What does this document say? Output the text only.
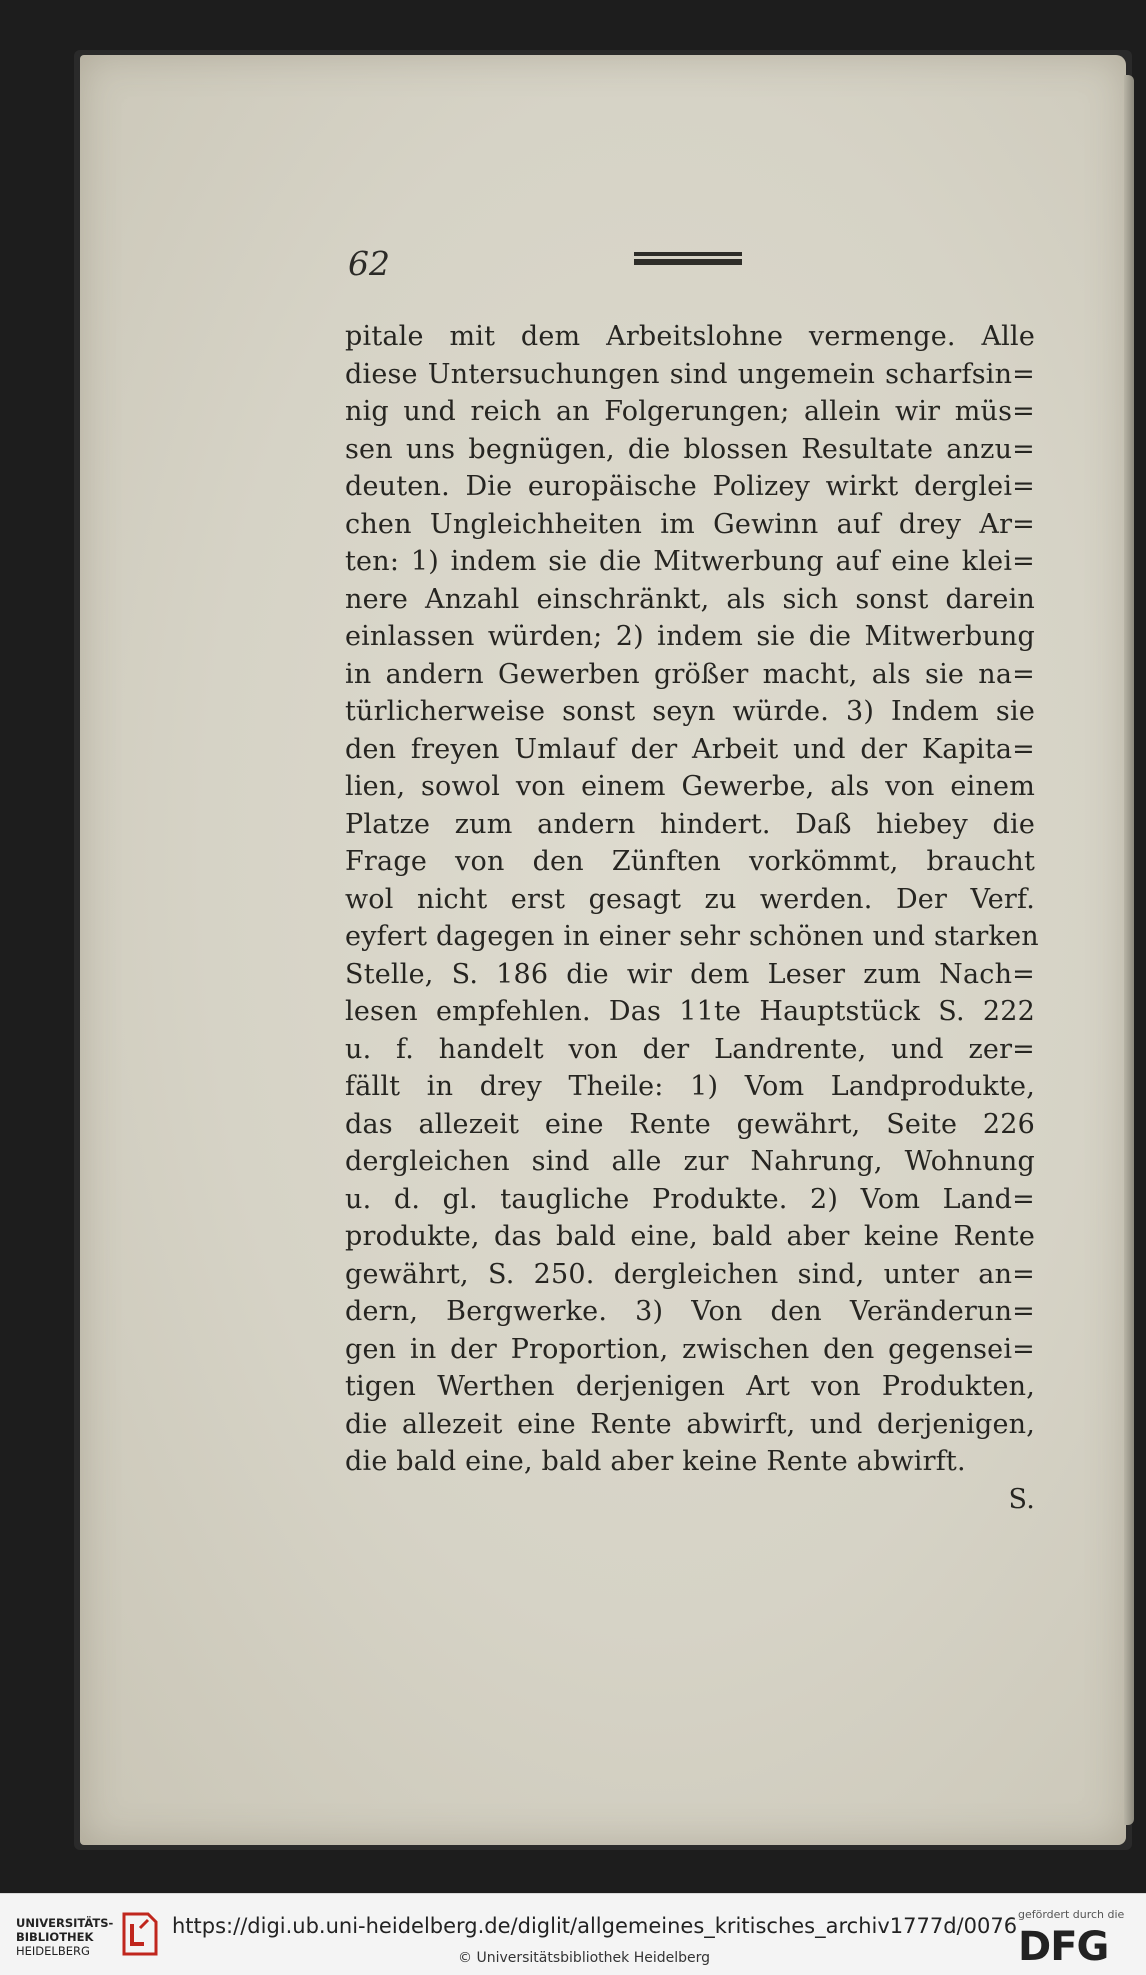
62
pitale mit dem Arbeitslohne vermenge. Alle
diese Untersuchungen sind ungemein scharfsin=
nig und reich an Folgerungen; allein wir müs=
sen uns begnügen, die blossen Resultate anzu=
deuten. Die europäische Polizey wirkt derglei=
chen Ungleichheiten im Gewinn auf drey Ar=
ten: 1) indem sie die Mitwerbung auf eine klei=
nere Anzahl einschränkt, als sich sonst darein
einlassen würden; 2) indem sie die Mitwerbung
in andern Gewerben größer macht, als sie na=
türlicherweise sonst seyn würde. 3) Indem sie
den freyen Umlauf der Arbeit und der Kapita=
lien, sowol von einem Gewerbe, als von einem
Platze zum andern hindert. Daß hiebey die
Frage von den Zünften vorkömmt, braucht
wol nicht erst gesagt zu werden. Der Verf.
eyfert dagegen in einer sehr schönen und starken
Stelle, S. 186 die wir dem Leser zum Nach=
lesen empfehlen. Das 11te Hauptstück S. 222
u. f. handelt von der Landrente, und zer=
fällt in drey Theile: 1) Vom Landprodukte,
das allezeit eine Rente gewährt, Seite 226
dergleichen sind alle zur Nahrung, Wohnung
u. d. gl. taugliche Produkte. 2) Vom Land=
produkte, das bald eine, bald aber keine Rente
gewährt, S. 250. dergleichen sind, unter an=
dern, Bergwerke. 3) Von den Veränderun=
gen in der Proportion, zwischen den gegensei=
tigen Werthen derjenigen Art von Produkten,
die allezeit eine Rente abwirft, und derjenigen,
die bald eine, bald aber keine Rente abwirft.
S.
UNIVERSITÄTS-
BIBLIOTHEK
HEIDELBERG
https://digi.ub.uni-heidelberg.de/diglit/allgemeines_kritisches_archiv1777d/0076
© Universitätsbibliothek Heidelberg
gefördert durch die
DFG
